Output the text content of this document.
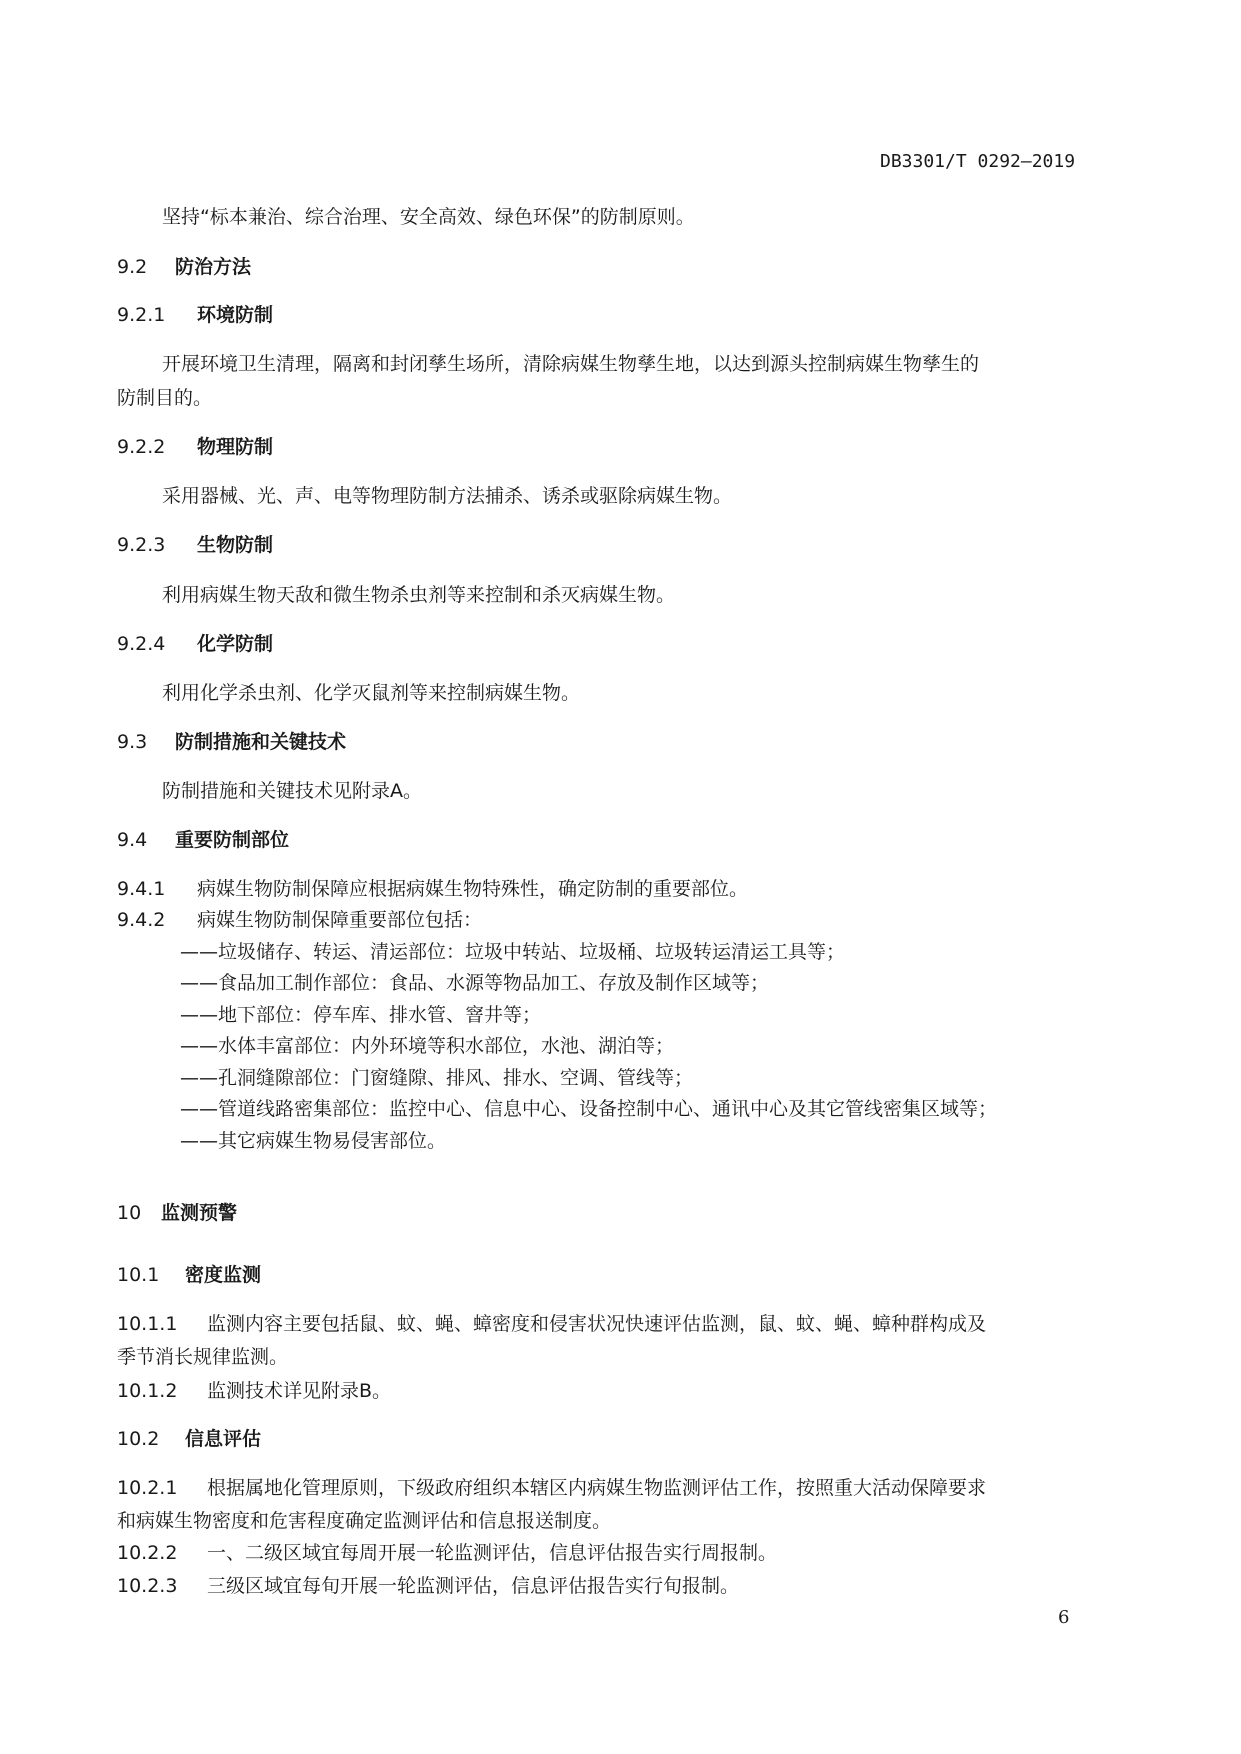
DB3301/T 0292—2019
坚持“标本兼治、综合治理、安全高效、绿色环保”的防制原则。
9.2 防治方法
9.2.1 环境防制
开展环境卫生清理，隔离和封闭孳生场所，清除病媒生物孳生地，以达到源头控制病媒生物孳生的
防制目的。
9.2.2 物理防制
采用器械、光、声、电等物理防制方法捕杀、诱杀或驱除病媒生物。
9.2.3 生物防制
利用病媒生物天敌和微生物杀虫剂等来控制和杀灭病媒生物。
9.2.4 化学防制
利用化学杀虫剂、化学灭鼠剂等来控制病媒生物。
9.3 防制措施和关键技术
防制措施和关键技术见附录A。
9.4 重要防制部位
9.4.1 病媒生物防制保障应根据病媒生物特殊性，确定防制的重要部位。
9.4.2 病媒生物防制保障重要部位包括：
——垃圾储存、转运、清运部位：垃圾中转站、垃圾桶、垃圾转运清运工具等；
——食品加工制作部位：食品、水源等物品加工、存放及制作区域等；
——地下部位：停车库、排水管、窨井等；
——水体丰富部位：内外环境等积水部位，水池、湖泊等；
——孔洞缝隙部位：门窗缝隙、排风、排水、空调、管线等；
——管道线路密集部位：监控中心、信息中心、设备控制中心、通讯中心及其它管线密集区域等；
——其它病媒生物易侵害部位。
10 监测预警
10.1 密度监测
10.1.1 监测内容主要包括鼠、蚊、蝇、蟑密度和侵害状况快速评估监测，鼠、蚊、蝇、蟑种群构成及
季节消长规律监测。
10.1.2 监测技术详见附录B。
10.2 信息评估
10.2.1 根据属地化管理原则，下级政府组织本辖区内病媒生物监测评估工作，按照重大活动保障要求
和病媒生物密度和危害程度确定监测评估和信息报送制度。
10.2.2 一、二级区域宜每周开展一轮监测评估，信息评估报告实行周报制。
10.2.3 三级区域宜每旬开展一轮监测评估，信息评估报告实行旬报制。
6
